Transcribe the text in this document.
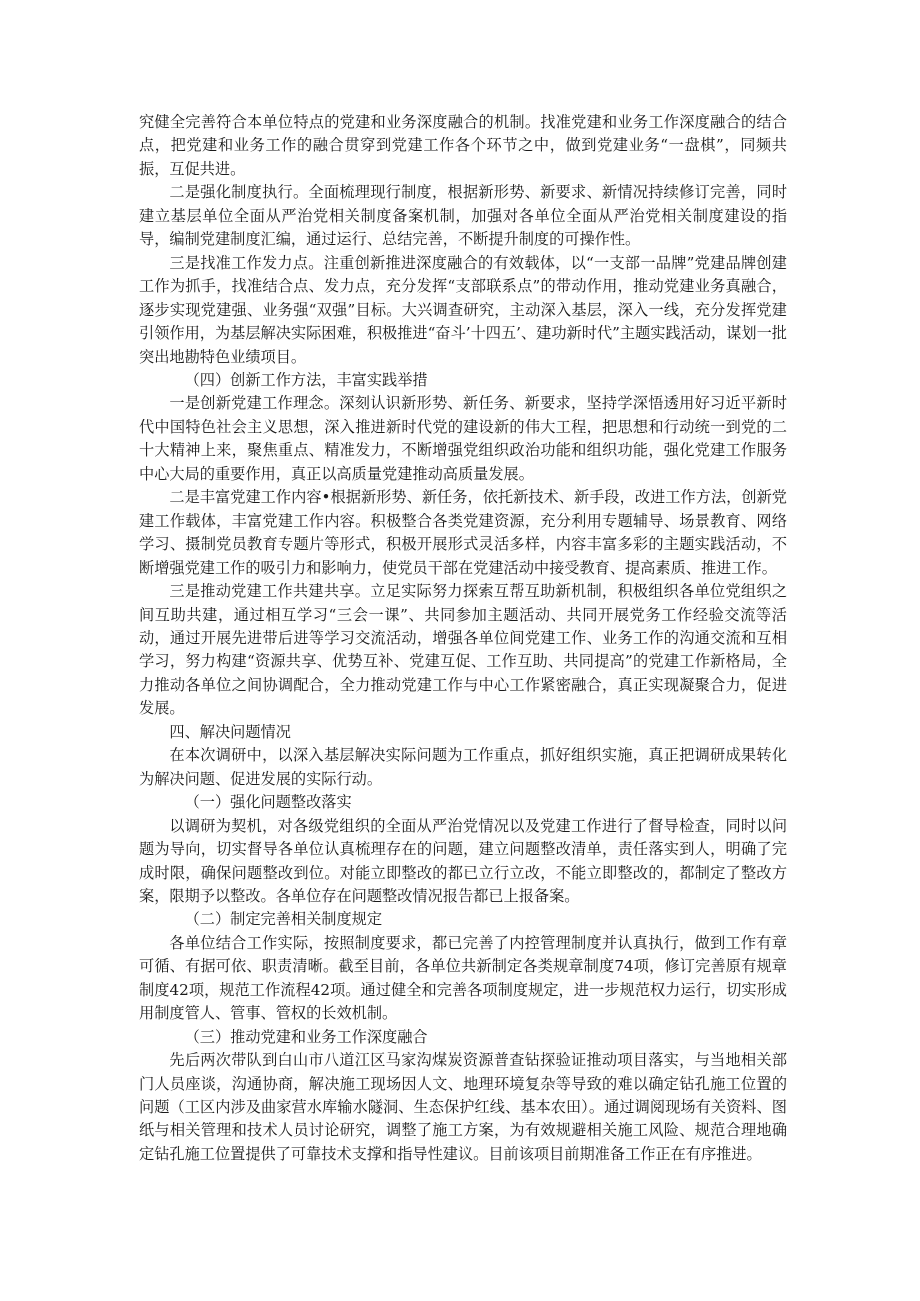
究健全完善符合本单位特点的党建和业务深度融合的机制。找准党建和业务工作深度融合的结合点，把党建和业务工作的融合贯穿到党建工作各个环节之中，做到党建业务“一盘棋”，同频共振，互促共进。

二是强化制度执行。全面梳理现行制度，根据新形势、新要求、新情况持续修订完善，同时建立基层单位全面从严治党相关制度备案机制，加强对各单位全面从严治党相关制度建设的指导，编制党建制度汇编，通过运行、总结完善，不断提升制度的可操作性。

三是找准工作发力点。注重创新推进深度融合的有效载体，以“一支部一品牌”党建品牌创建工作为抓手，找准结合点、发力点，充分发挥“支部联系点”的带动作用，推动党建业务真融合，逐步实现党建强、业务强“双强”目标。大兴调查研究，主动深入基层，深入一线，充分发挥党建引领作用，为基层解决实际困难，积极推进“奋斗’十四五’、建功新时代”主题实践活动，谋划一批突出地勘特色业绩项目。

（四）创新工作方法，丰富实践举措

一是创新党建工作理念。深刻认识新形势、新任务、新要求，坚持学深悟透用好习近平新时代中国特色社会主义思想，深入推进新时代党的建设新的伟大工程，把思想和行动统一到党的二十大精神上来，聚焦重点、精准发力，不断增强党组织政治功能和组织功能，强化党建工作服务中心大局的重要作用，真正以高质量党建推动高质量发展。

二是丰富党建工作内容•根据新形势、新任务，依托新技术、新手段，改进工作方法，创新党建工作载体，丰富党建工作内容。积极整合各类党建资源，充分利用专题辅导、场景教育、网络学习、摄制党员教育专题片等形式，积极开展形式灵活多样，内容丰富多彩的主题实践活动，不断增强党建工作的吸引力和影响力，使党员干部在党建活动中接受教育、提高素质、推进工作。

三是推动党建工作共建共享。立足实际努力探索互帮互助新机制，积极组织各单位党组织之间互助共建，通过相互学习“三会一课”、共同参加主题活动、共同开展党务工作经验交流等活动，通过开展先进带后进等学习交流活动，增强各单位间党建工作、业务工作的沟通交流和互相学习，努力构建“资源共享、优势互补、党建互促、工作互助、共同提高”的党建工作新格局，全力推动各单位之间协调配合，全力推动党建工作与中心工作紧密融合，真正实现凝聚合力，促进发展。

四、解决问题情况

在本次调研中，以深入基层解决实际问题为工作重点，抓好组织实施，真正把调研成果转化为解决问题、促进发展的实际行动。

（一）强化问题整改落实

以调研为契机，对各级党组织的全面从严治党情况以及党建工作进行了督导检查，同时以问题为导向，切实督导各单位认真梳理存在的问题，建立问题整改清单，责任落实到人，明确了完成时限，确保问题整改到位。对能立即整改的都已立行立改，不能立即整改的，都制定了整改方案，限期予以整改。各单位存在问题整改情况报告都已上报备案。

（二）制定完善相关制度规定

各单位结合工作实际，按照制度要求，都已完善了内控管理制度并认真执行，做到工作有章可循、有据可依、职责清晰。截至目前，各单位共新制定各类规章制度74项，修订完善原有规章制度42项，规范工作流程42项。通过健全和完善各项制度规定，进一步规范权力运行，切实形成用制度管人、管事、管权的长效机制。

（三）推动党建和业务工作深度融合

先后两次带队到白山市八道江区马家沟煤炭资源普查钻探验证推动项目落实，与当地相关部门人员座谈，沟通协商，解决施工现场因人文、地理环境复杂等导致的难以确定钻孔施工位置的问题（工区内涉及曲家营水库输水隧洞、生态保护红线、基本农田）。通过调阅现场有关资料、图纸与相关管理和技术人员讨论研究，调整了施工方案，为有效规避相关施工风险、规范合理地确定钻孔施工位置提供了可靠技术支撑和指导性建议。目前该项目前期准备工作正在有序推进。
